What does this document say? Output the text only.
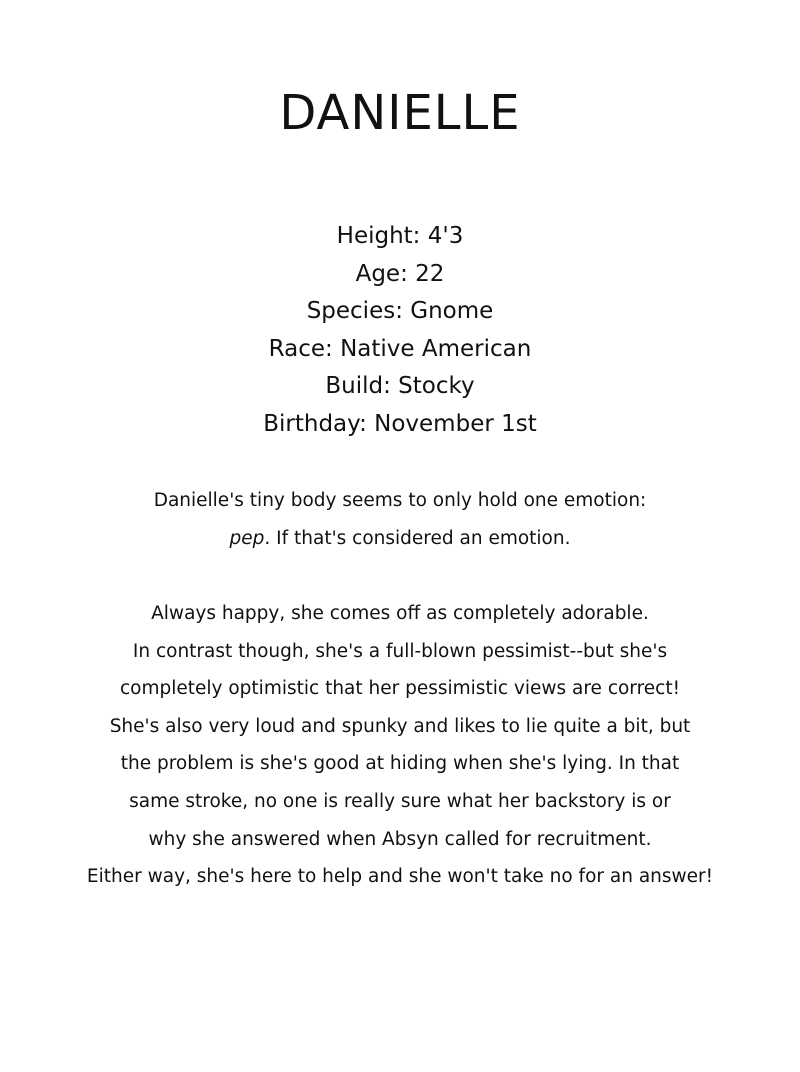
DANIELLE
Height: 4'3
Age: 22
Species: Gnome
Race: Native American
Build: Stocky
Birthday: November 1st

Danielle's tiny body seems to only hold one emotion:
pep. If that's considered an emotion.

Always happy, she comes off as completely adorable.
In contrast though, she's a full-blown pessimist--but she's
completely optimistic that her pessimistic views are correct!
She's also very loud and spunky and likes to lie quite a bit, but
the problem is she's good at hiding when she's lying. In that
same stroke, no one is really sure what her backstory is or
why she answered when Absyn called for recruitment.
Either way, she's here to help and she won't take no for an answer!
